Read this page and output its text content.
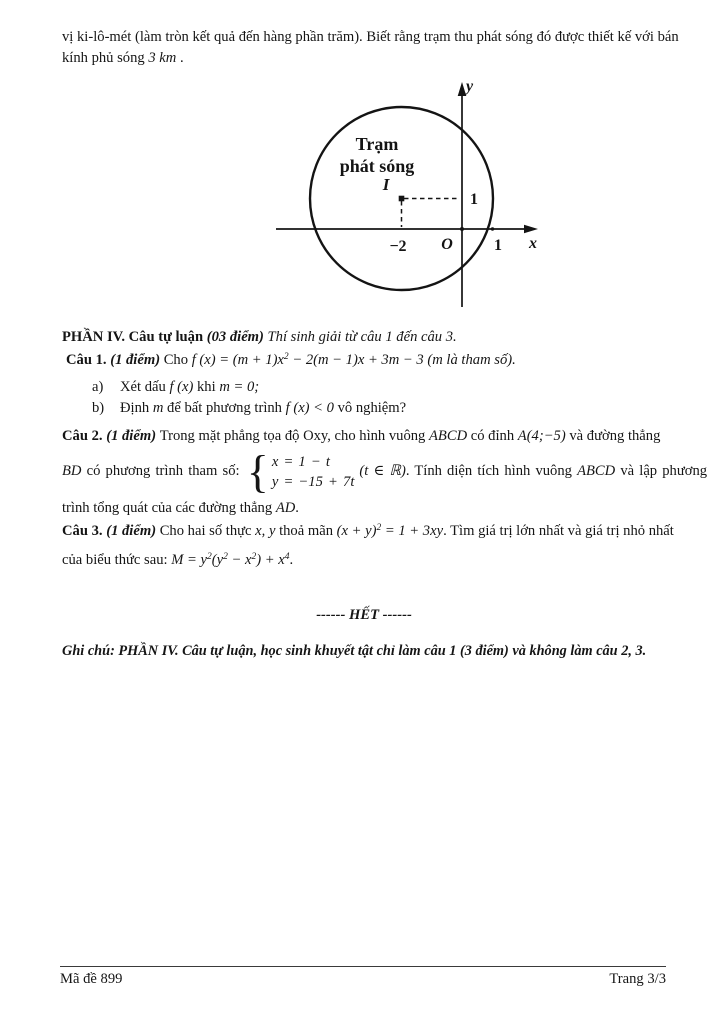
vị ki-lô-mét (làm tròn kết quả đến hàng phần trăm). Biết rằng trạm thu phát sóng đó được thiết kế với bán
kính phủ sóng 3 km .
Trạm
phát sóng
I
1
−2 O	1 x
y
PHẦN IV. Câu tự luận (03 điểm) Thí sinh giải từ câu 1 đến câu 3.
Câu 1. (1 điểm) Cho f $(x) = (m + 1)x^2 - 2(m - 1)x + 3m - 3$ (m là tham số).
a) Xét dấu f (x) khi m = 0;
b) Định m để bất phương trình f (x) < 0 vô nghiệm?
Câu 2. (1 điểm) Trong mặt phẳng tọa độ Oxy, cho hình vuông ABCD có đỉnh A(4;−5) và đường thẳng
BD có phương trình tham số: { x = 1 − t
y = −15 + 7t
(t ∈ ℝ). Tính diện tích hình vuông ABCD và lập phương
trình tổng quát của các đường thẳng AD.
Câu 3. (1 điểm) Cho hai số thực x, y thoả mãn $(x + y)^2 = 1 + 3xy$. Tìm giá trị lớn nhất và giá trị nhỏ nhất
của biểu thức sau: $M = y^2(y^2 - x^2) + x^4$.
------ HẾT ------
Ghi chú: PHẦN IV. Câu tự luận, học sinh khuyết tật chỉ làm câu 1 (3 điểm) và không làm câu 2, 3.
Mã đề 899	Trang 3/3
